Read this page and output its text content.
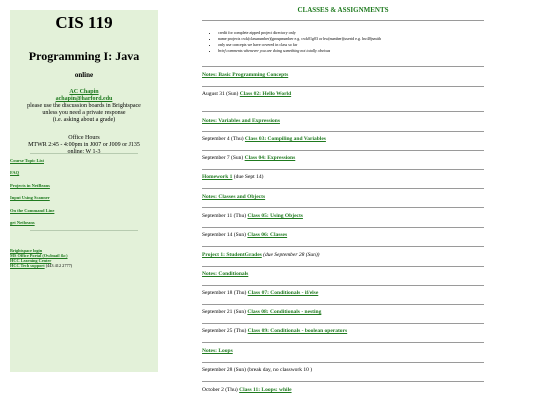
CIS 119
Programming I: Java
online
AC Chapin
achapin@harford.edu
please use the discussion boards in Brightspace
unless you need a private response
(i.e. asking about a grade)
Office Hours
MTWR 2:45 - 4:00pm in J007 or J009 or J135
online: W 1-3
Course Topic List
FAQ
Projects in NetBeans
Input Using Scanner
On the Command Line
get Netbeans
Brightspace login
MS Office Portal (Owlmail &c)
HCC Learning Center
HCC Tech support (443 412 2777)
CLASSES & ASSIGNMENTS
• credit for complete zipped project directory only
• name projects cwk(classnumber)(groupnumber e.g. cwk01g03 or hw(number)(userid e.g. hw40jsmith
• only use concepts we have covered in class so far
• brief comments whenever you are doing something not totally obvious
Notes: Basic Programming Concepts
August 31 (Sun) Class 02: Hello World
Notes: Variables and Expressions
September 4 (Thu) Class 03: Compiling and Variables
September 7 (Sun) Class 04: Expressions
Homework 1 (due Sept 14)
Notes: Classes and Objects
September 11 (Thu) Class 05: Using Objects
September 14 (Sun) Class 06: Classes
Project 1: StudentGrades (due September 28 (Sun))
Notes: Conditionals
September 18 (Thu) Class 07: Conditionals - if/else
September 21 (Sun) Class 08: Conditionals - nesting
September 25 (Thu) Class 09: Conditionals - boolean operators
Notes: Loops
September 28 (Sun) (break day, no classwork 10 )
October 2 (Thu) Class 11: Loops: while
